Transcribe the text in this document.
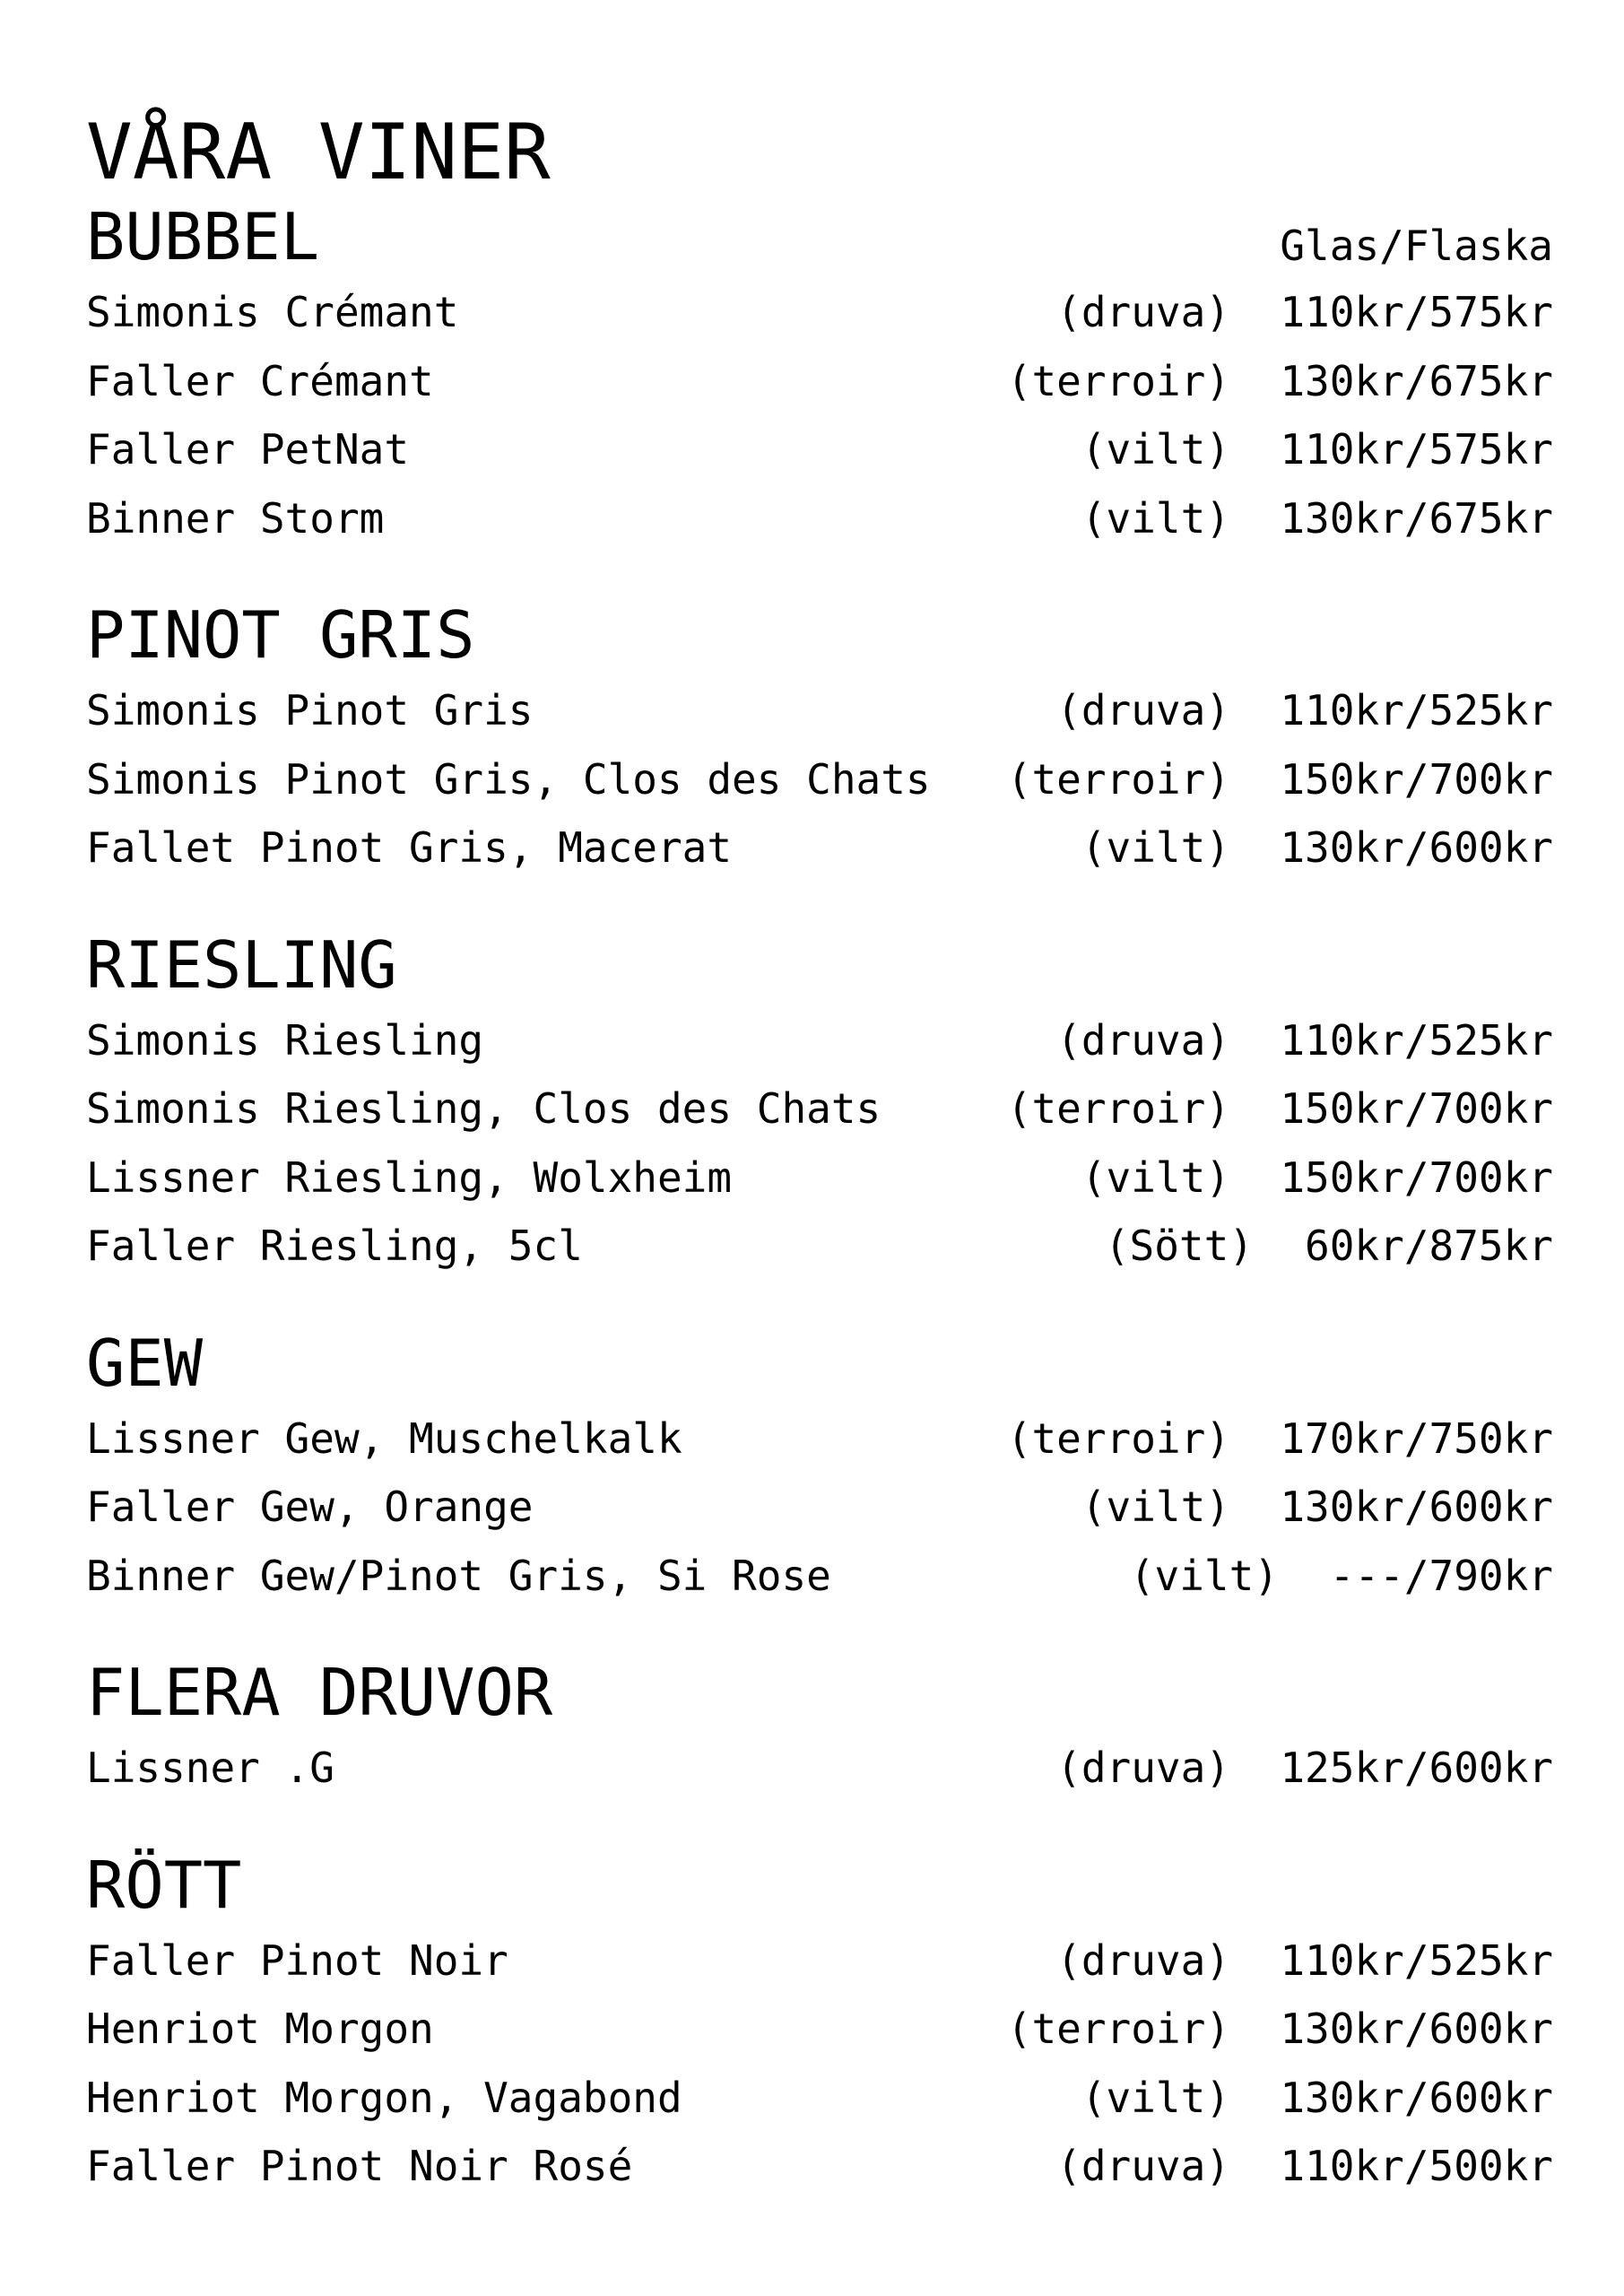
VÅRA VINER
BUBBEL	Glas/Flaska
Simonis Crémant	(druva) 110kr/575kr
Faller Crémant	(terroir) 130kr/675kr
Faller PetNat	(vilt) 110kr/575kr
Binner Storm	(vilt) 130kr/675kr
PINOT GRIS
Simonis Pinot Gris	(druva) 110kr/525kr
Simonis Pinot Gris, Clos des Chats (terroir) 150kr/700kr
Fallet Pinot Gris, Macerat	(vilt) 130kr/600kr
RIESLING
Simonis Riesling	(druva) 110kr/525kr
Simonis Riesling, Clos des Chats	(terroir) 150kr/700kr
Lissner Riesling, Wolxheim	(vilt) 150kr/700kr
Faller Riesling, 5cl	(Sött) 60kr/875kr
GEW
Lissner Gew, Muschelkalk	(terroir) 170kr/750kr
Faller Gew, Orange	(vilt) 130kr/600kr
Binner Gew/Pinot Gris, Si Rose	(vilt) ---/790kr
FLERA DRUVOR
Lissner .G	(druva) 125kr/600kr
RÖTT
Faller Pinot Noir	(druva) 110kr/525kr
Henriot Morgon	(terroir) 130kr/600kr
Henriot Morgon, Vagabond	(vilt) 130kr/600kr
Faller Pinot Noir Rosé	(druva) 110kr/500kr
